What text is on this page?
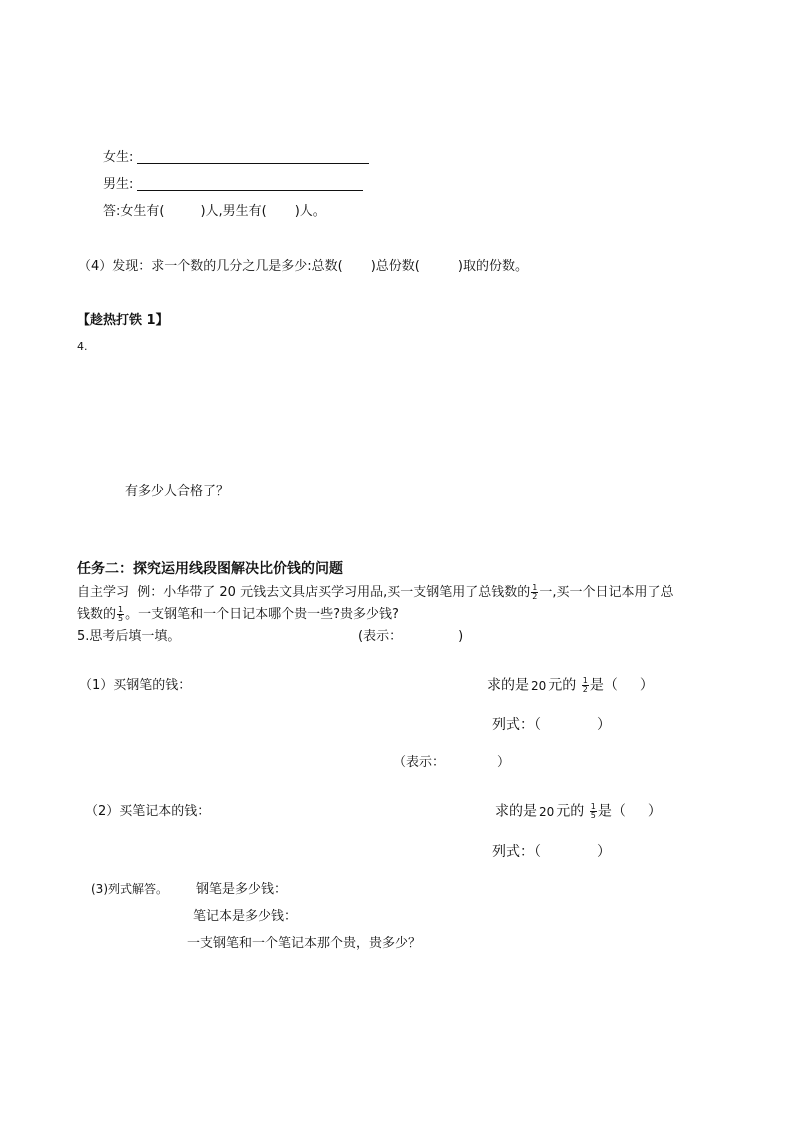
女生:
男生:
答:女生有(	)人,男生有( )人。
（4）发现：求一个数的几分之几是多少:总数( )总份数(	)取的份数。
【趁热打铁 1】
4.
有多少人合格了？
任务二：探究运用线段图解决比价钱的问题
自主学习 例：小华带了 20 元钱去文具店买学习用品,买一支钢笔用了总钱数的 $\frac{1}{2}$ 一,买一个日记本用了总
钱数的 $\frac{1}{5}$ 。一支钢笔和一个日记本哪个贵一些?贵多少钱?
5.思考后填一填。	(表示：	)
（1）买钢笔的钱：	求的是 20 元的 $\frac{1}{2}$ 是（ ）
列式：（	）
（表示：	）
（2）买笔记本的钱：	求的是 20 元的 $\frac{1}{5}$ 是（ ）
列式：（	）
(3)列式解答。 钢笔是多少钱：
笔记本是多少钱：
一支钢笔和一个笔记本那个贵，贵多少？
